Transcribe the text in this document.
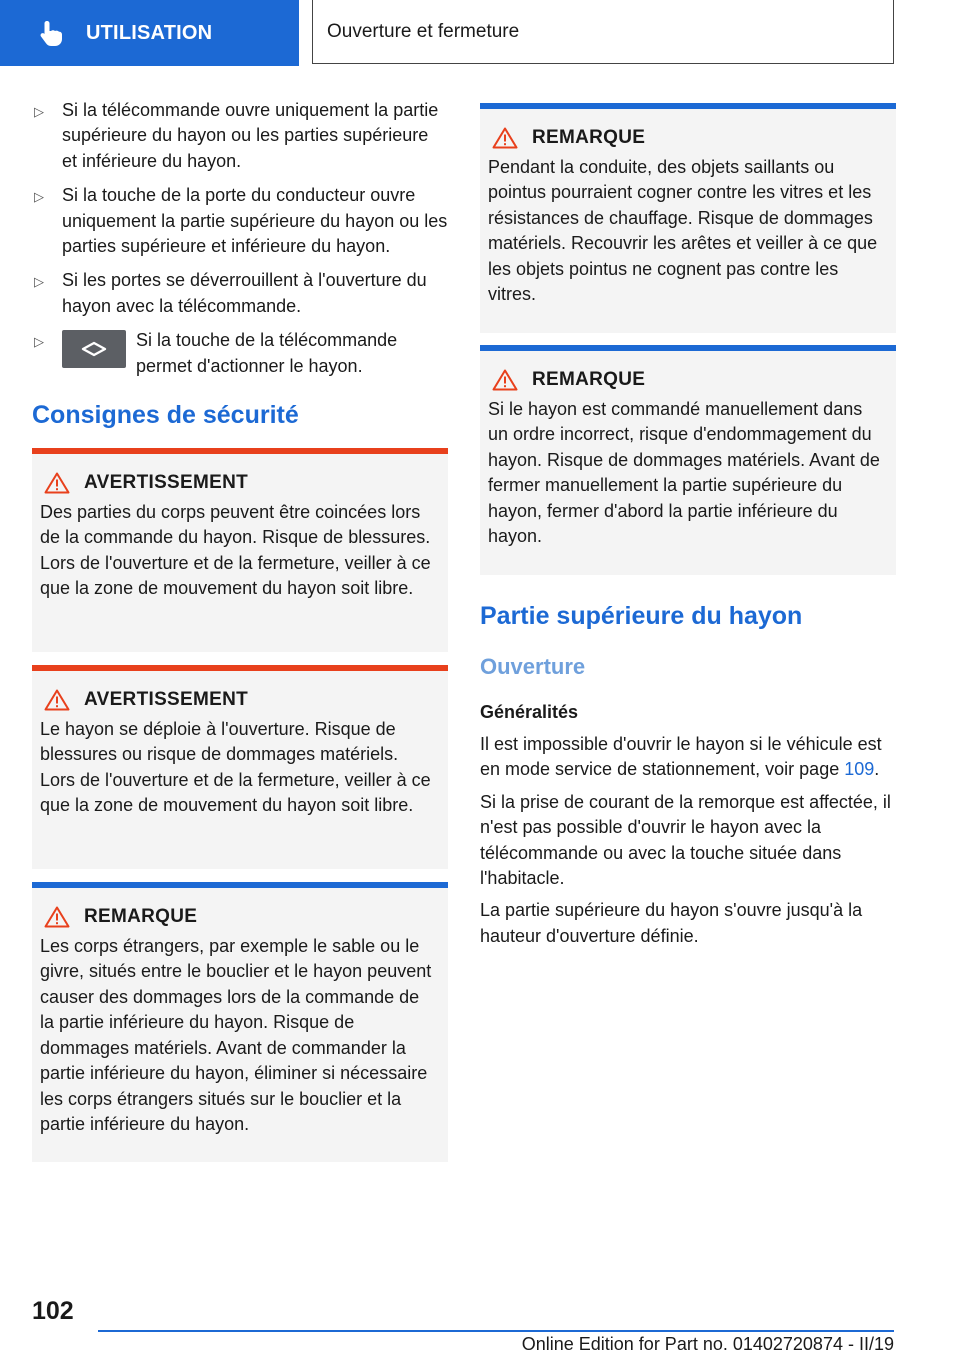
UTILISATION	Ouverture et fermeture
▷ Si la télécommande ouvre uniquement la partie supérieure du hayon ou les parties supérieure et inférieure du hayon.
▷ Si la touche de la porte du conducteur ouvre uniquement la partie supérieure du hayon ou les parties supérieure et inférieure du hayon.
▷ Si les portes se déverrouillent à l'ouverture du hayon avec la télécommande.
▷	Si la touche de la télécommande permet d'actionner le hayon.
Consignes de sécurité
AVERTISSEMENT

Des parties du corps peuvent être coincées lors de la commande du hayon. Risque de blessures. Lors de l'ouverture et de la fermeture, veiller à ce que la zone de mouvement du hayon soit libre.

AVERTISSEMENT

Le hayon se déploie à l'ouverture. Risque de blessures ou risque de dommages matériels. Lors de l'ouverture et de la fermeture, veiller à ce que la zone de mouvement du hayon soit libre.

REMARQUE

Les corps étrangers, par exemple le sable ou le givre, situés entre le bouclier et le hayon peuvent causer des dommages lors de la commande de la partie inférieure du hayon. Risque de dommages matériels. Avant de commander la partie inférieure du hayon, éliminer si nécessaire les corps étrangers situés sur le bouclier et la partie inférieure du hayon.

REMARQUE

Pendant la conduite, des objets saillants ou pointus pourraient cogner contre les vitres et les résistances de chauffage. Risque de dommages matériels. Recouvrir les arêtes et veiller à ce que les objets pointus ne cognent pas contre les vitres.

REMARQUE

Si le hayon est commandé manuellement dans un ordre incorrect, risque d'endommagement du hayon. Risque de dommages matériels. Avant de fermer manuellement la partie supérieure du hayon, fermer d'abord la partie inférieure du hayon.

Partie supérieure du hayon
Ouverture
Généralités

Il est impossible d'ouvrir le hayon si le véhicule est en mode service de stationnement, voir page 109.

Si la prise de courant de la remorque est affectée, il n'est pas possible d'ouvrir le hayon avec la télécommande ou avec la touche située dans l'habitacle.

La partie supérieure du hayon s'ouvre jusqu'à la hauteur d'ouverture définie.

102
Online Edition for Part no. 01402720874 - II/19
